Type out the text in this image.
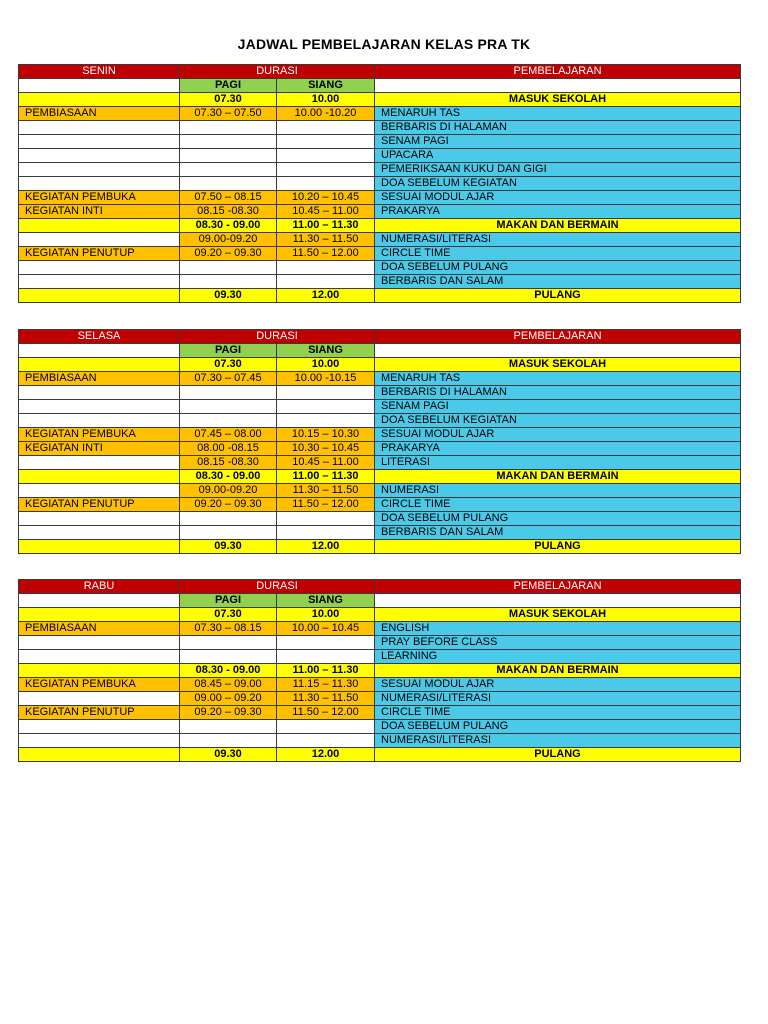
JADWAL PEMBELAJARAN KELAS PRA TK
SENIN	DURASI		PEMBELAJARAN
	PAGI	SIANG	
	07.30	10.00	MASUK SEKOLAH
PEMBIASAAN	07.30 – 07.50	10.00 -10.20	MENARUH TAS
			BERBARIS DI HALAMAN
			SENAM PAGI
			UPACARA
			PEMERIKSAAN KUKU DAN GIGI
			DOA SEBELUM KEGIATAN
KEGIATAN PEMBUKA	07.50 – 08.15	10.20 – 10.45	SESUAI MODUL AJAR
KEGIATAN INTI	08.15 -08.30	10.45 – 11.00	PRAKARYA
	08.30 - 09.00	11.00 – 11.30	MAKAN DAN BERMAIN
	09.00-09.20	11.30 – 11.50	NUMERASI/LITERASI
KEGIATAN PENUTUP	09.20 – 09.30	11.50 – 12.00	CIRCLE TIME
			DOA SEBELUM PULANG
			BERBARIS DAN SALAM
	09.30	12.00	PULANG
SELASA	DURASI		PEMBELAJARAN
	PAGI	SIANG	
	07.30	10.00	MASUK SEKOLAH
PEMBIASAAN	07.30 – 07.45	10.00 -10.15	MENARUH TAS
			BERBARIS DI HALAMAN
			SENAM PAGI
			DOA SEBELUM KEGIATAN
KEGIATAN PEMBUKA	07.45 – 08.00	10.15 – 10.30	SESUAI MODUL AJAR
KEGIATAN INTI	08.00 -08.15	10.30 – 10.45	PRAKARYA
	08.15 -08.30	10.45 – 11.00	LITERASI
	08.30 - 09.00	11.00 – 11.30	MAKAN DAN BERMAIN
	09.00-09.20	11.30 – 11.50	NUMERASI
KEGIATAN PENUTUP	09.20 – 09.30	11.50 – 12.00	CIRCLE TIME
			DOA SEBELUM PULANG
			BERBARIS DAN SALAM
	09.30	12.00	PULANG
RABU	DURASI		PEMBELAJARAN
	PAGI	SIANG	
	07.30	10.00	MASUK SEKOLAH
PEMBIASAAN	07.30 – 08.15	10.00 – 10.45	ENGLISH
			PRAY BEFORE CLASS
			LEARNING
	08.30 - 09.00	11.00 – 11.30	MAKAN DAN BERMAIN
KEGIATAN PEMBUKA	08.45 – 09.00	11.15 – 11.30	SESUAI MODUL AJAR
	09.00 – 09.20	11.30 – 11.50	NUMERASI/LITERASI
KEGIATAN PENUTUP	09.20 – 09.30	11.50 – 12.00	CIRCLE TIME
			DOA SEBELUM PULANG
			NUMERASI/LITERASI
	09.30	12.00	PULANG
